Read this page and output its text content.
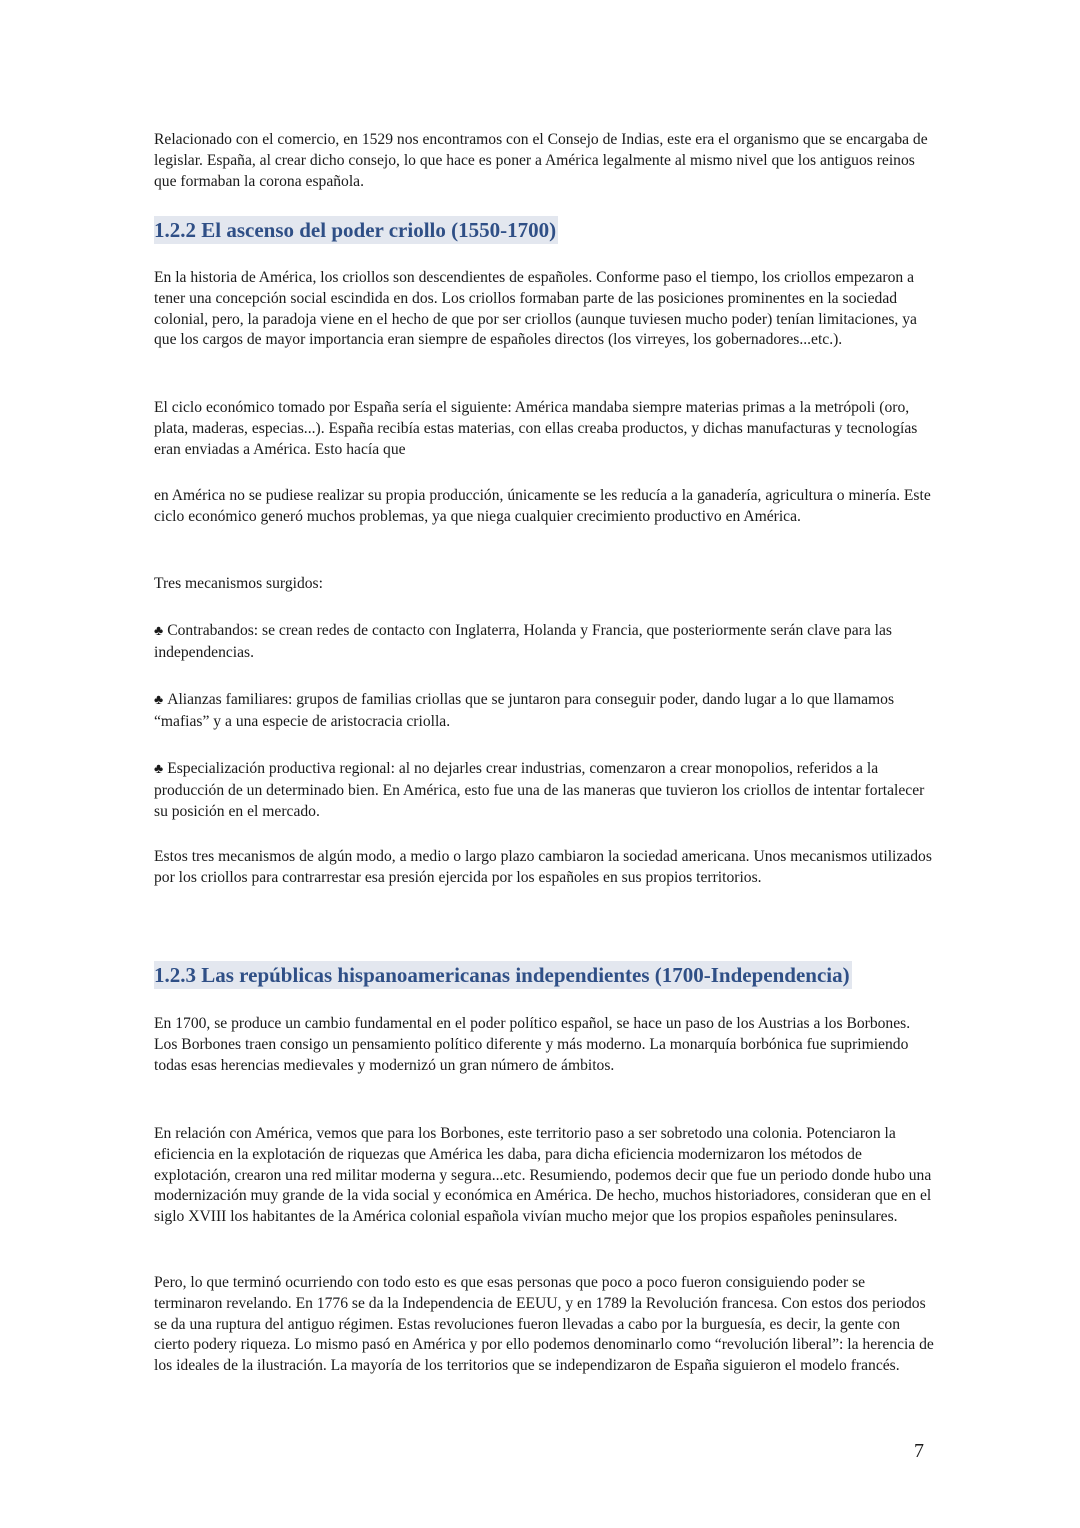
Relacionado con el comercio, en 1529 nos encontramos con el Consejo de Indias, este era el organismo que se encargaba de legislar. España, al crear dicho consejo, lo que hace es poner a América legalmente al mismo nivel que los antiguos reinos que formaban la corona española.

1.2.2 El ascenso del poder criollo (1550-1700)

En la historia de América, los criollos son descendientes de españoles. Conforme paso el tiempo, los criollos empezaron a tener una concepción social escindida en dos. Los criollos formaban parte de las posiciones prominentes en la sociedad colonial, pero, la paradoja viene en el hecho de que por ser criollos (aunque tuviesen mucho poder) tenían limitaciones, ya que los cargos de mayor importancia eran siempre de españoles directos (los virreyes, los gobernadores...etc.).

El ciclo económico tomado por España sería el siguiente: América mandaba siempre materias primas a la metrópoli (oro, plata, maderas, especias...). España recibía estas materias, con ellas creaba productos, y dichas manufacturas y tecnologías eran enviadas a América. Esto hacía que

en América no se pudiese realizar su propia producción, únicamente se les reducía a la ganadería, agricultura o minería. Este ciclo económico generó muchos problemas, ya que niega cualquier crecimiento productivo en América.

Tres mecanismos surgidos:

♣ Contrabandos: se crean redes de contacto con Inglaterra, Holanda y Francia, que posteriormente serán clave para las independencias.

♣ Alianzas familiares: grupos de familias criollas que se juntaron para conseguir poder, dando lugar a lo que llamamos “mafias” y a una especie de aristocracia criolla.

♣ Especialización productiva regional: al no dejarles crear industrias, comenzaron a crear monopolios, referidos a la producción de un determinado bien. En América, esto fue una de las maneras que tuvieron los criollos de intentar fortalecer su posición en el mercado.

Estos tres mecanismos de algún modo, a medio o largo plazo cambiaron la sociedad americana. Unos mecanismos utilizados por los criollos para contrarrestar esa presión ejercida por los españoles en sus propios territorios.

1.2.3 Las repúblicas hispanoamericanas independientes (1700-Independencia)

En 1700, se produce un cambio fundamental en el poder político español, se hace un paso de los Austrias a los Borbones. Los Borbones traen consigo un pensamiento político diferente y más moderno. La monarquía borbónica fue suprimiendo todas esas herencias medievales y modernizó un gran número de ámbitos.

En relación con América, vemos que para los Borbones, este territorio paso a ser sobretodo una colonia. Potenciaron la eficiencia en la explotación de riquezas que América les daba, para dicha eficiencia modernizaron los métodos de explotación, crearon una red militar moderna y segura...etc. Resumiendo, podemos decir que fue un periodo donde hubo una modernización muy grande de la vida social y económica en América. De hecho, muchos historiadores, consideran que en el siglo XVIII los habitantes de la América colonial española vivían mucho mejor que los propios españoles peninsulares.

Pero, lo que terminó ocurriendo con todo esto es que esas personas que poco a poco fueron consiguiendo poder se terminaron revelando. En 1776 se da la Independencia de EEUU, y en 1789 la Revolución francesa. Con estos dos periodos se da una ruptura del antiguo régimen. Estas revoluciones fueron llevadas a cabo por la burguesía, es decir, la gente con cierto podery riqueza. Lo mismo pasó en América y por ello podemos denominarlo como “revolución liberal”: la herencia de los ideales de la ilustración. La mayoría de los territorios que se independizaron de España siguieron el modelo francés.

7
